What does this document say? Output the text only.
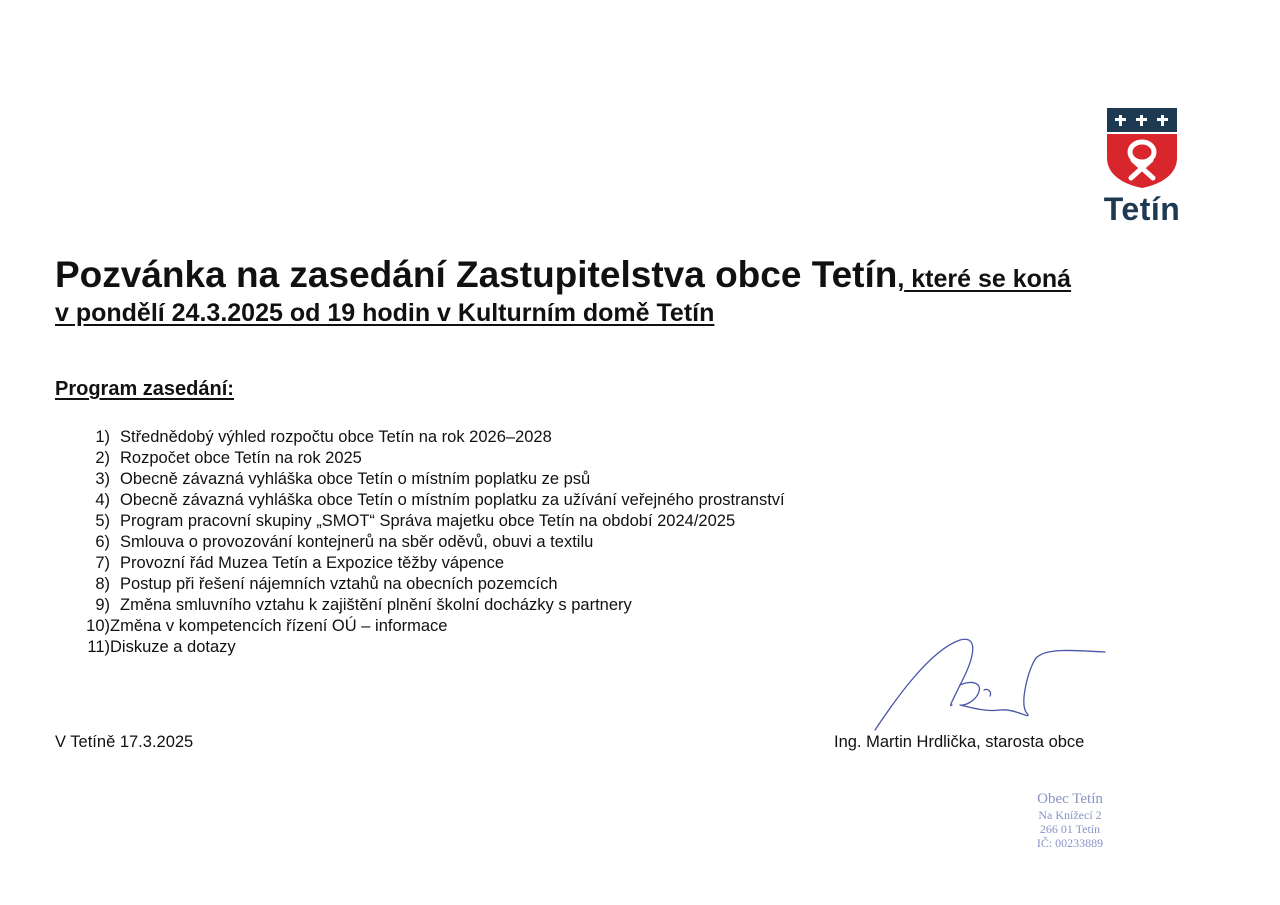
Tetín
Pozvánka na zasedání Zastupitelstva obce Tetín, které se koná
v pondělí 24.3.2025 od 19 hodin v Kulturním domě Tetín
Program zasedání:
1) Střednědobý výhled rozpočtu obce Tetín na rok 2026–2028
2) Rozpočet obce Tetín na rok 2025
3) Obecně závazná vyhláška obce Tetín o místním poplatku ze psů
4) Obecně závazná vyhláška obce Tetín o místním poplatku za užívání veřejného prostranství
5) Program pracovní skupiny „SMOT“ Správa majetku obce Tetín na období 2024/2025
6) Smlouva o provozování kontejnerů na sběr oděvů, obuvi a textilu
7) Provozní řád Muzea Tetín a Expozice těžby vápence
8) Postup při řešení nájemních vztahů na obecních pozemcích
9) Změna smluvního vztahu k zajištění plnění školní docházky s partnery
10) Změna v kompetencích řízení OÚ – informace
11) Diskuze a dotazy
V Tetíně 17.3.2025	Ing. Martin Hrdlička, starosta obce
Obec Tetín
Na Knížecí 2
266 01 Tetín
IČ: 00233889
